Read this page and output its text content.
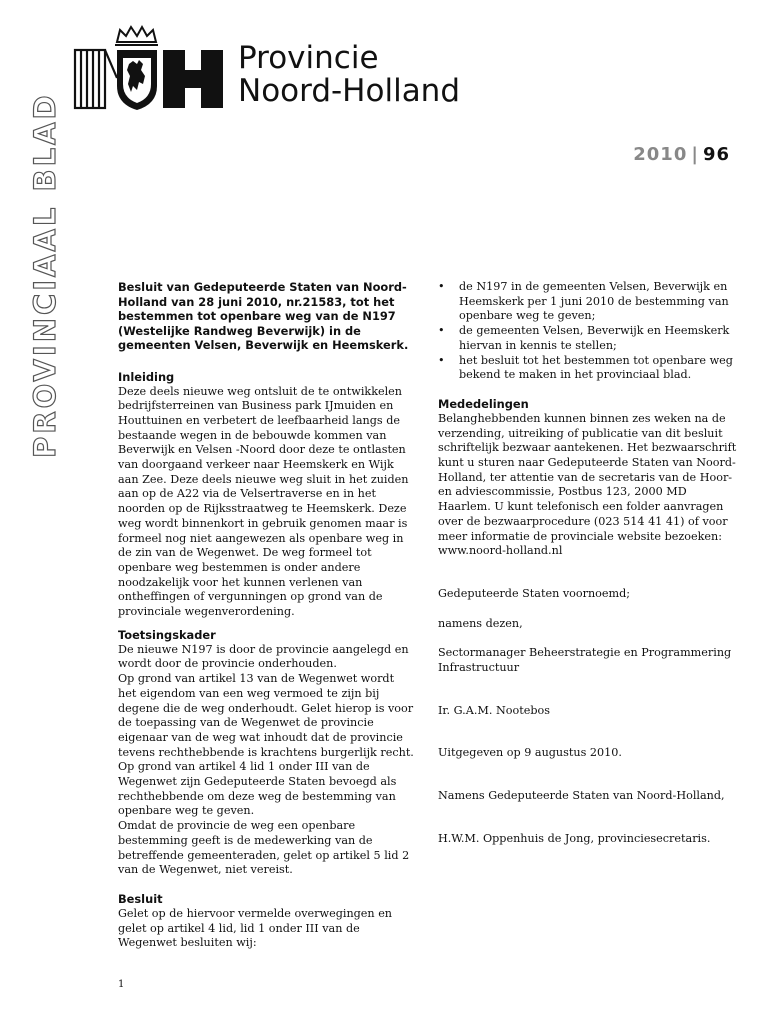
Provincie
Noord-Holland
2010 | 96
PROVINCIAAL BLAD	Besluit van Gedeputeerde Staten van Noord-Holland van 28 juni 2010, nr.21583, tot het bestemmen tot openbare weg van de N197 (Westelijke Randweg Beverwijk) in de gemeenten Velsen, Beverwijk en Heemskerk.

Inleiding

Deze deels nieuwe weg ontsluit de te ontwikkelen bedrijfsterreinen van Business park IJmuiden en Houttuinen en verbetert de leefbaarheid langs de bestaande wegen in de bebouwde kommen van Beverwijk en Velsen -Noord door deze te ontlasten van doorgaand verkeer naar Heemskerk en Wijk aan Zee. Deze deels nieuwe weg sluit in het zuiden aan op de A22 via de Velsertraverse en in het noorden op de Rijksstraatweg te Heemskerk. Deze weg wordt binnenkort in gebruik genomen maar is formeel nog niet aangewezen als openbare weg in de zin van de Wegenwet. De weg formeel tot openbare weg bestemmen is onder andere noodzakelijk voor het kunnen verlenen van ontheffingen of vergunningen op grond van de provinciale wegenverordening.

Toetsingskader

De nieuwe N197 is door de provincie aangelegd en wordt door de provincie onderhouden.

Op grond van artikel 13 van de Wegenwet wordt het eigendom van een weg vermoed te zijn bij degene die de weg onderhoudt. Gelet hierop is voor de toepassing van de Wegenwet de provincie eigenaar van de weg wat inhoudt dat de provincie tevens rechthebbende is krachtens burgerlijk recht. Op grond van artikel 4 lid 1 onder III van de Wegenwet zijn Gedeputeerde Staten bevoegd als rechthebbende om deze weg de bestemming van openbare weg te geven.

Omdat de provincie de weg een openbare bestemming geeft is de medewerking van de betreffende gemeenteraden, gelet op artikel 5 lid 2 van de Wegenwet, niet vereist.

Besluit

Gelet op de hiervoor vermelde overwegingen en gelet op artikel 4 lid, lid 1 onder III van de Wegenwet besluiten wij:

• de N197 in de gemeenten Velsen, Beverwijk en Heemskerk per 1 juni 2010 de bestemming van openbare weg te geven;
• de gemeenten Velsen, Beverwijk en Heemskerk hiervan in kennis te stellen;
• het besluit tot het bestemmen tot openbare weg bekend te maken in het provinciaal blad.
Mededelingen

Belanghebbenden kunnen binnen zes weken na de verzending, uitreiking of publicatie van dit besluit schriftelijk bezwaar aantekenen. Het bezwaarschrift kunt u sturen naar Gedeputeerde Staten van Noord-Holland, ter attentie van de secretaris van de Hoor- en adviescommissie, Postbus 123, 2000 MD Haarlem. U kunt telefonisch een folder aanvragen over de bezwaarprocedure (023 514 41 41) of voor meer informatie de provinciale website bezoeken: www.noord-holland.nl

Gedeputeerde Staten voornoemd;

namens dezen,

Sectormanager Beheerstrategie en Programmering Infrastructuur

Ir. G.A.M. Nootebos

Uitgegeven op 9 augustus 2010.

Namens Gedeputeerde Staten van Noord-Holland,

H.W.M. Oppenhuis de Jong, provinciesecretaris.

1
